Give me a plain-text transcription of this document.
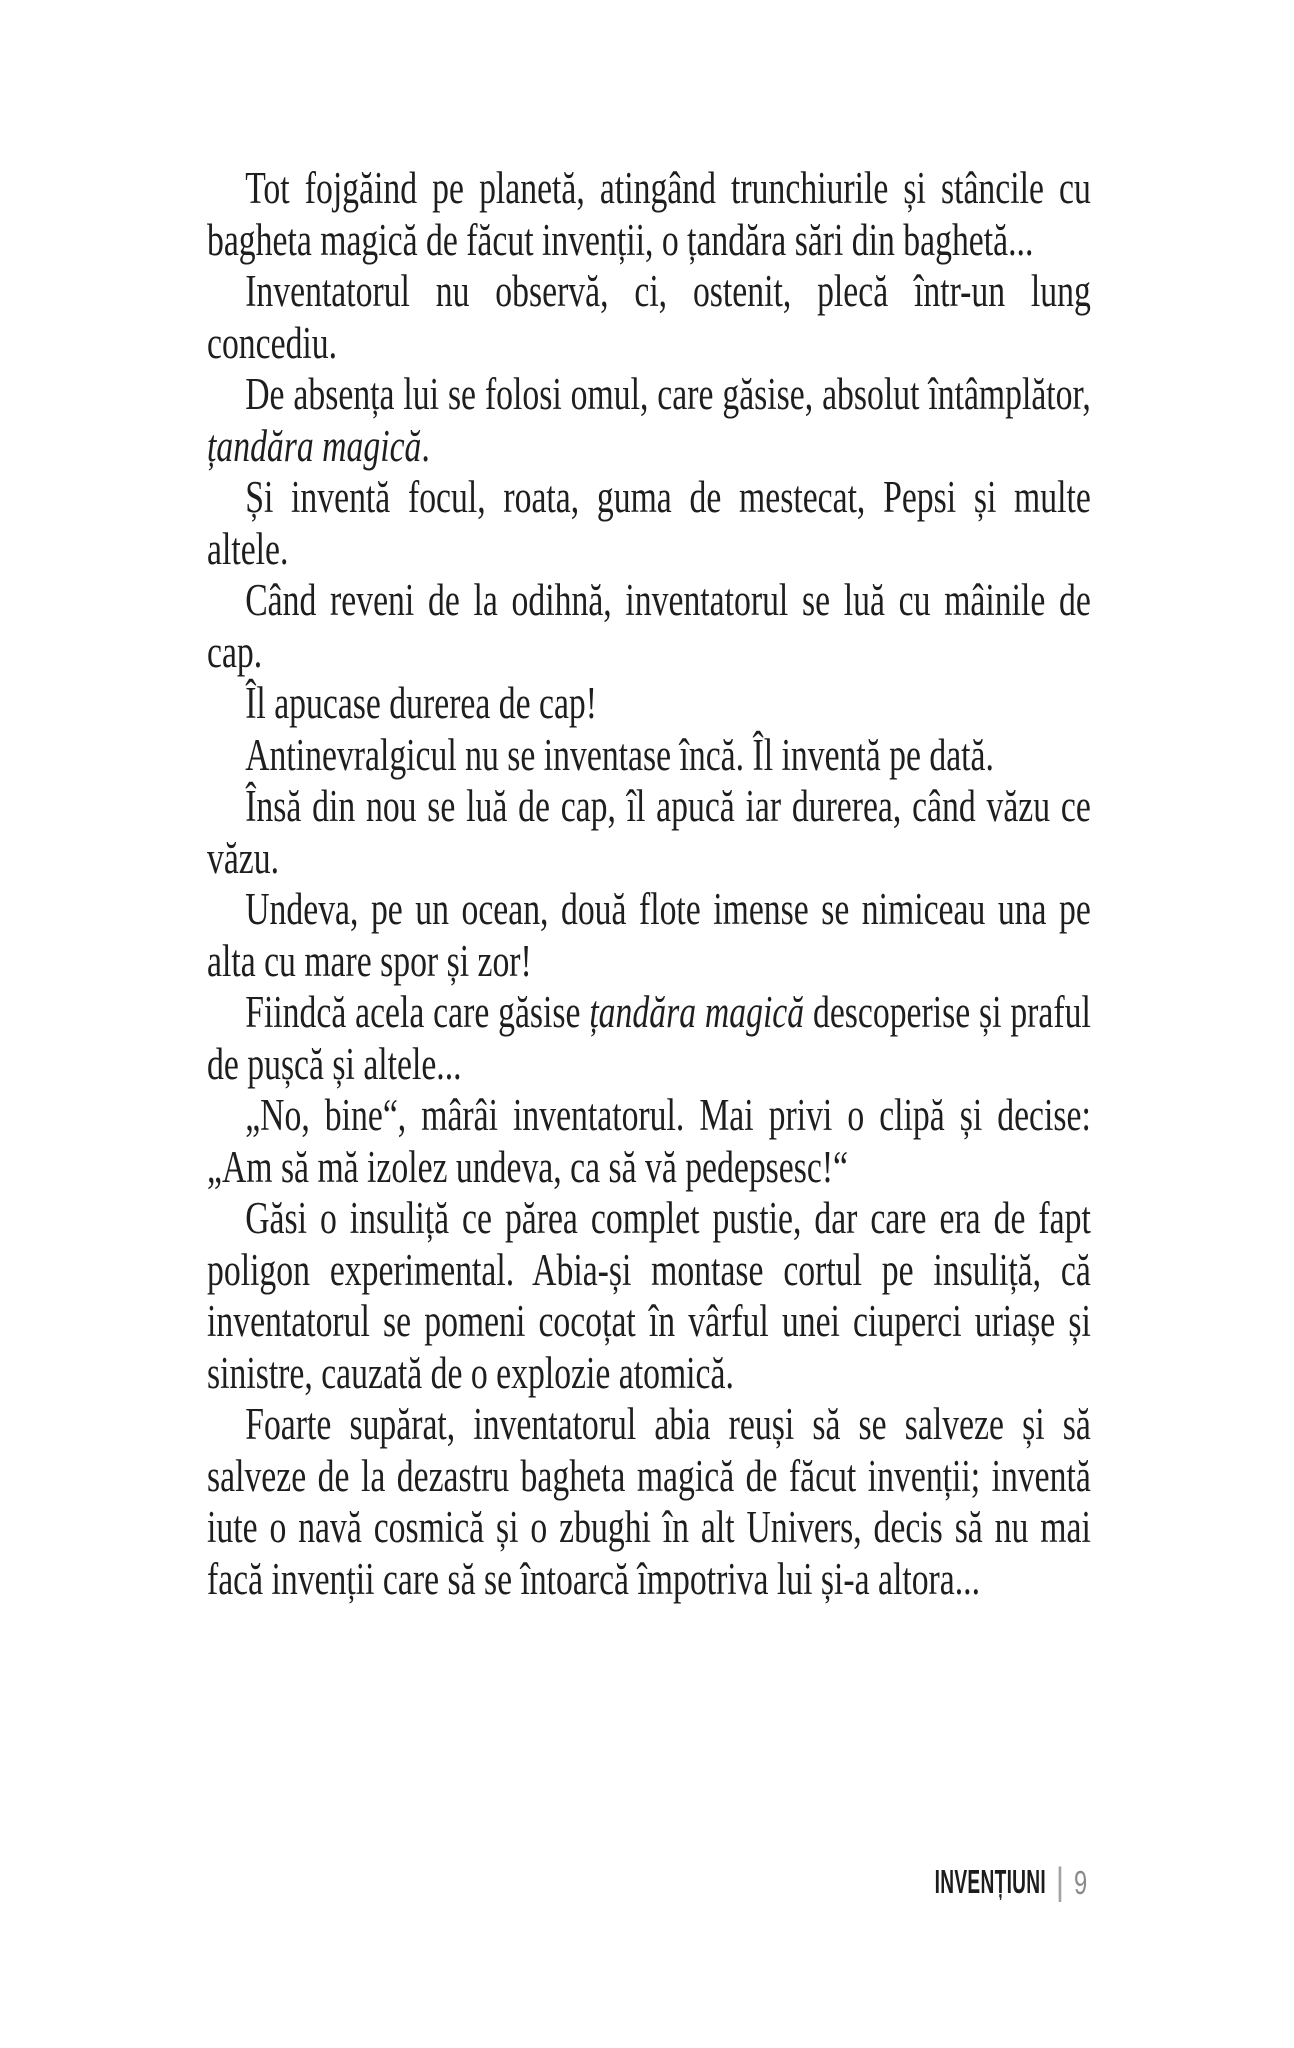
Tot fojgăind pe planetă, atingând trunchiurile și stâncile cu bagheta magică de făcut invenții, o țandăra sări din baghetă...

Inventatorul nu observă, ci, ostenit, plecă într-un lung concediu.

De absența lui se folosi omul, care găsise, absolut întâmplător, țandăra magică.

Și inventă focul, roata, guma de mestecat, Pepsi și multe altele.

Când reveni de la odihnă, inventatorul se luă cu mâinile de cap.

Îl apucase durerea de cap!

Antinevralgicul nu se inventase încă. Îl inventă pe dată.

Însă din nou se luă de cap, îl apucă iar durerea, când văzu ce văzu.

Undeva, pe un ocean, două flote imense se nimiceau una pe alta cu mare spor și zor!

Fiindcă acela care găsise țandăra magică descoperise și praful de pușcă și altele...

„No, bine“, mârâi inventatorul. Mai privi o clipă și decise: „Am să mă izolez undeva, ca să vă pedepsesc!“

Găsi o insuliță ce părea complet pustie, dar care era de fapt poligon experimental. Abia-și montase cortul pe insuliță, că inventatorul se pomeni cocoțat în vârful unei ciuperci uriașe și sinistre, cauzată de o explozie atomică.

Foarte supărat, inventatorul abia reuși să se salveze și să salveze de la dezastru bagheta magică de făcut invenții; inventă iute o navă cosmică și o zbughi în alt Univers, decis să nu mai facă invenții care să se întoarcă împotriva lui și-a altora...

INVENȚIUNI | 9
